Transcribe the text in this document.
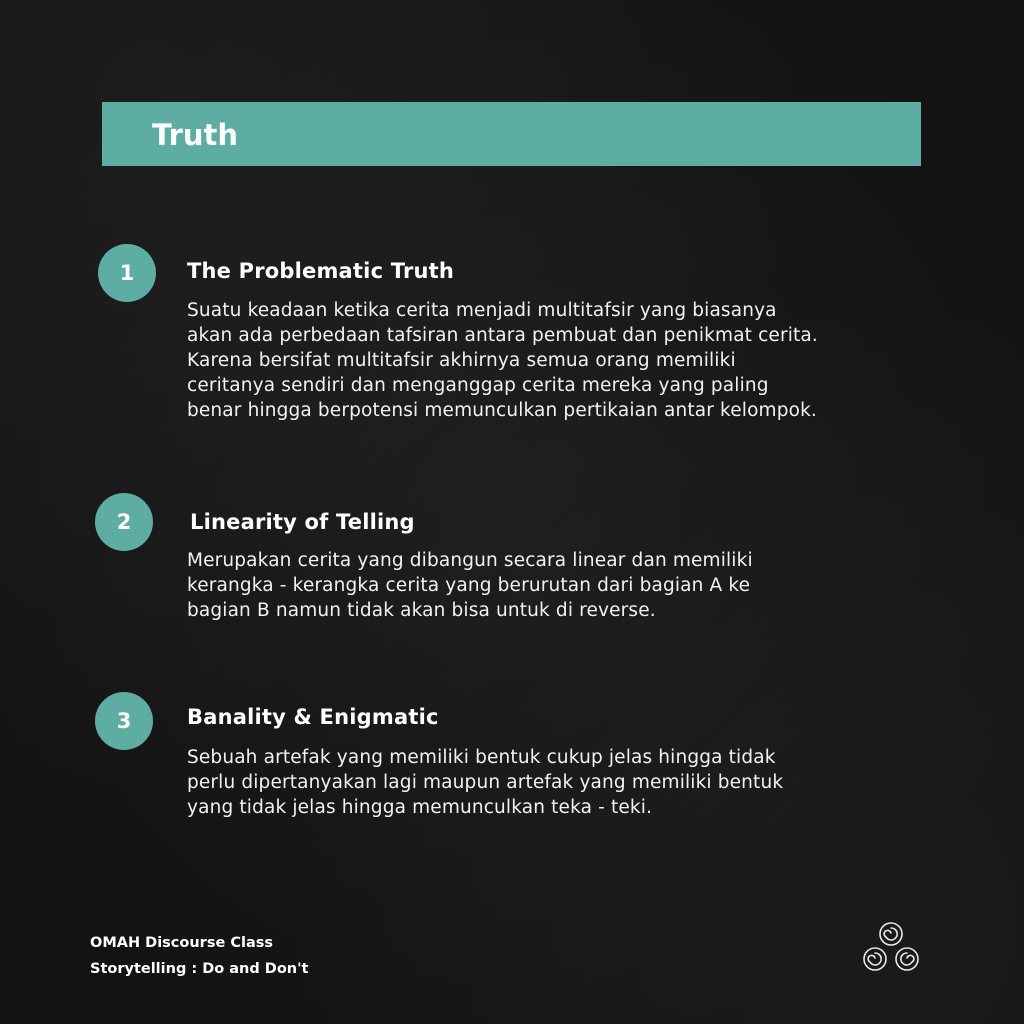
Truth
1	The Problematic Truth
Suatu keadaan ketika cerita menjadi multitafsir yang biasanya
akan ada perbedaan tafsiran antara pembuat dan penikmat cerita.
Karena bersifat multitafsir akhirnya semua orang memiliki
ceritanya sendiri dan menganggap cerita mereka yang paling
benar hingga berpotensi memunculkan pertikaian antar kelompok.
2	Linearity of Telling
Merupakan cerita yang dibangun secara linear dan memiliki
kerangka - kerangka cerita yang berurutan dari bagian A ke
bagian B namun tidak akan bisa untuk di reverse.
3	Banality & Enigmatic
Sebuah artefak yang memiliki bentuk cukup jelas hingga tidak
perlu dipertanyakan lagi maupun artefak yang memiliki bentuk
yang tidak jelas hingga memunculkan teka - teki.
OMAH Discourse Class
Storytelling : Do and Don't
